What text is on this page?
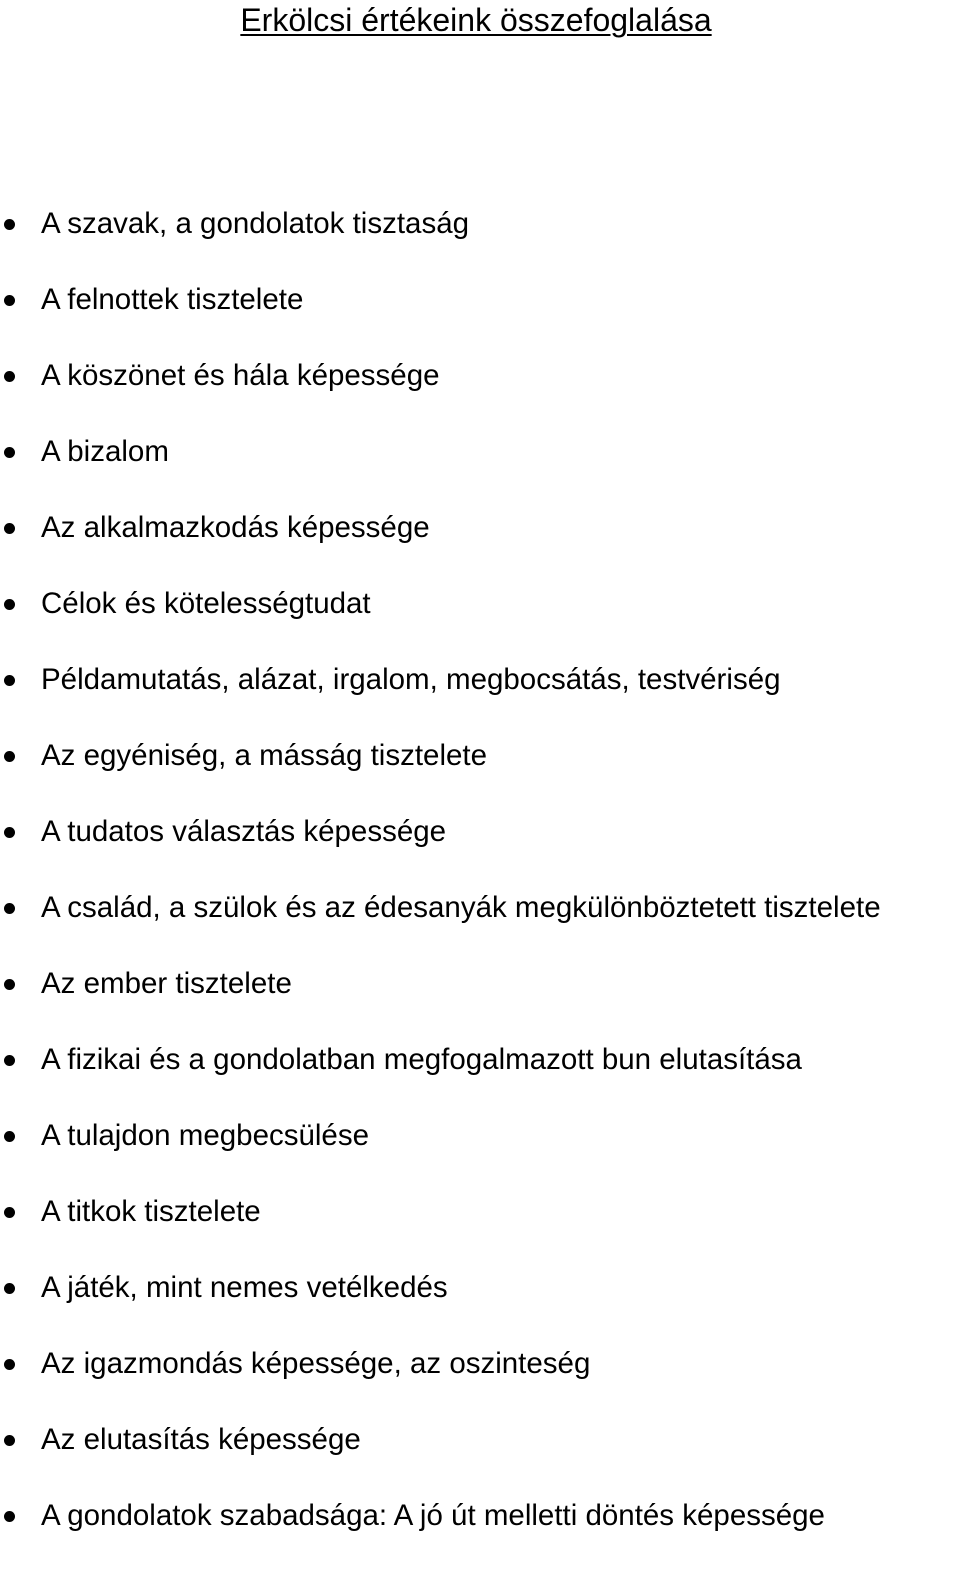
Erkölcsi értékeink összefoglalása
A szavak, a gondolatok tisztaság
A felnottek tisztelete
A köszönet és hála képessége
A bizalom
Az alkalmazkodás képessége
Célok és kötelességtudat
Példamutatás, alázat, irgalom, megbocsátás, testvériség
Az egyéniség, a másság tisztelete
A tudatos választás képessége
A család, a szülok és az édesanyák megkülönböztetett tisztelete
Az ember tisztelete
A fizikai és a gondolatban megfogalmazott bun elutasítása
A tulajdon megbecsülése
A titkok tisztelete
A játék, mint nemes vetélkedés
Az igazmondás képessége, az oszinteség
Az elutasítás képessége
A gondolatok szabadsága: A jó út melletti döntés képessége
